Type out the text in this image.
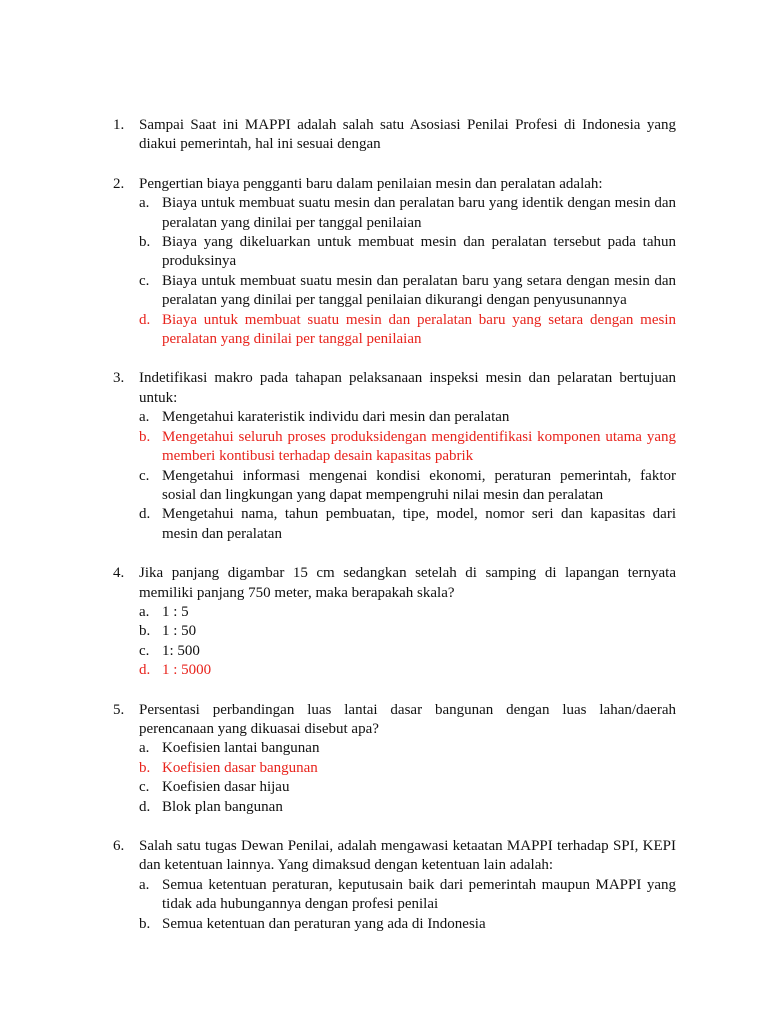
1. Sampai Saat ini MAPPI adalah salah satu Asosiasi Penilai Profesi di Indonesia yang diakui pemerintah, hal ini sesuai dengan
2. Pengertian biaya pengganti baru dalam penilaian mesin dan peralatan adalah:
a. Biaya untuk membuat suatu mesin dan peralatan baru yang identik dengan mesin dan peralatan yang dinilai per tanggal penilaian
b. Biaya yang dikeluarkan untuk membuat mesin dan peralatan tersebut pada tahun produksinya
c. Biaya untuk membuat suatu mesin dan peralatan baru yang setara dengan mesin dan peralatan yang dinilai per tanggal penilaian dikurangi dengan penyusunannya
d. Biaya untuk membuat suatu mesin dan peralatan baru yang setara dengan mesin peralatan yang dinilai per tanggal penilaian
3. Indetifikasi makro pada tahapan pelaksanaan inspeksi mesin dan pelaratan bertujuan untuk:
a. Mengetahui karateristik individu dari mesin dan peralatan
b. Mengetahui seluruh proses produksidengan mengidentifikasi komponen utama yang memberi kontibusi terhadap desain kapasitas pabrik
c. Mengetahui informasi mengenai kondisi ekonomi, peraturan pemerintah, faktor sosial dan lingkungan yang dapat mempengruhi nilai mesin dan peralatan
d. Mengetahui nama, tahun pembuatan, tipe, model, nomor seri dan kapasitas dari mesin dan peralatan
4. Jika panjang digambar 15 cm sedangkan setelah di samping di lapangan ternyata memiliki panjang 750 meter, maka berapakah skala?
a. 1 : 5
b. 1 : 50
c. 1: 500
d. 1 : 5000
5. Persentasi perbandingan luas lantai dasar bangunan dengan luas lahan/daerah perencanaan yang dikuasai disebut apa?
a. Koefisien lantai bangunan
b. Koefisien dasar bangunan
c. Koefisien dasar hijau
d. Blok plan bangunan
6. Salah satu tugas Dewan Penilai, adalah mengawasi ketaatan MAPPI terhadap SPI, KEPI dan ketentuan lainnya. Yang dimaksud dengan ketentuan lain adalah:
a. Semua ketentuan peraturan, keputusain baik dari pemerintah maupun MAPPI yang tidak ada hubungannya dengan profesi penilai
b. Semua ketentuan dan peraturan yang ada di Indonesia
